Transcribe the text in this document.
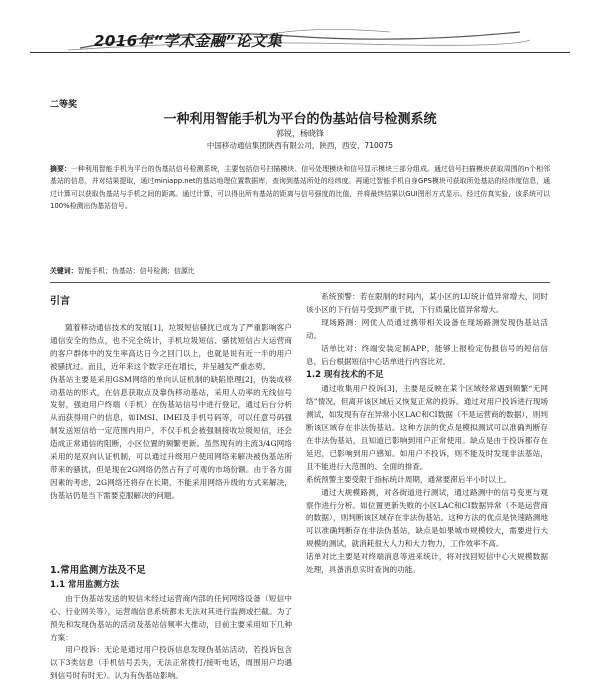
2016年“学术金融”论文集
二等奖
一种利用智能手机为平台的伪基站信号检测系统
郭锐，杨晓锋
中国移动通信集团陕西有限公司，陕西，西安，710075
摘要：一种利用智能手机为平台的伪基站信号检测系统，主要包括信号扫描模块、信号处理模块和信号显示模块三部分组成。通过信号扫描模块获取周围的n个相邻基站的信息，并对结果提取，通过miniapp.net的基站地理位置数据库，查询到基站所处的经纬度。再通过智能手机自身GPS模块可获取所处基站的经纬度信息，通过计算可以获取伪基站与手机之间的距离。通过计算，可以得出所有基站的距离与信号强度的比值，并将最终结果以GUI图形方式显示。经过仿真实验，该系统可以100%检测出伪基站信号。
关键词：智能手机；伪基站；信号检测；信源比
引言

随着移动通信技术的发展[1]，垃圾短信骚扰已成为了严重影响客户通信安全的热点，也不完全统计，手机垃圾短信、骚扰短信占大运营商的客户群体中的发生率高达日今之回门以上，也就是说有近一半的用户被骚扰过。而且，近年来这个数字还在增长，并呈越发严重态势。

伪基站主要是采用GSM网络的单向认证机制的缺陷原理[2]，伪装成移动基站的形式，在信息获取点及靠伪移动基站，采用人功率的无线信号发射，强迫用户终端（手机）在伪基站信号中进行登记，通过后台分析从而获得用户的信息，如IMSI、IMEI及手机号码等，可以任意号码强制发送短信给一定范围内用户，不仅手机会被强制接收垃圾短信，还会造成正常通信的阻断，小区位置的频繁更新。虽然现有的主流3/4G网络采用的是双向认证机制，可以通过升级用户使用网络来解决被伪基站所带来的骚扰，但是现在2G网络仍然占有了可观的市场份额。由于各方面因素的考虑，2G网络还将存在长期，不能采用网络升级的方式来解决，伪基站仍是当下需要克服解决的问题。

1.常用监测方法及不足
1.1 常用监测方法

由于伪基站发送的短信未经过运营商内部的任何网络设备（短信中心、行业网关等），运营端信息系统都未无法对其进行监测或拦截。为了预先和发现伪基站的活动及基站信频率大推动，目前主要采用如下几种方案：

用户投诉：无论是通过用户投诉信息发现伪基站活动，若投诉包含以下3类信息（手机信号丢失，无法正常拨打/接听电话，周围用户均遇到信号时有时无）。认为有伪基站影响。

系统预警：若在限制的时间内，某小区的LU统计值异常增大，同时该小区的下行信号受到严重干扰，下行质量比值异常增大。

现场路测：网优人员通过携带相关设备在现场路测发现伪基站活动。

话单比对：终端安装定制APP，能够上报检定伪报信号的短信信息，后台根据短信中心话单进行内容比对。

1.2 现有技术的不足

通过收集用户投诉[3]，主要是反映在某个区域经常遇到频繁“无网络”情况，但离开该区域后又恢复正常的投诉。通过对用户投诉进行现场测试，如发现有存在异常小区LAC和CI数据（不是运营商的数据），则判断该区域存在非法伪基站。这种方法的优点是模拟测试可以准确判断存在非法伪基站，且知道已影响到用户正常使用。缺点是由于投诉都存在延迟，已影响到用户感知。如用户不投诉，则不能及时发现非法基站，且不能进行大范围的、全面的排查。

系统预警主要受限于指标统计周期，通常要滞后半小时以上。

通过大规模路测，对各街道进行测试，通过路测中的信号变更与观察作进行分析。如位置更新失败的小区LAC和CI数据异常（不是运营商的数据），则判断该区域存在非法伪基站。这种方法的优点是快速路测地可以准确判断存在非法伪基站，缺点是如果城市规模较大，需要进行大规模的测试，就消耗很大人力和大力物力，工作效率不高。

话单对比主要是对终端消息等进来统计，将对找回短信中心大规模数据处理，具备消息实时查询的功能。
